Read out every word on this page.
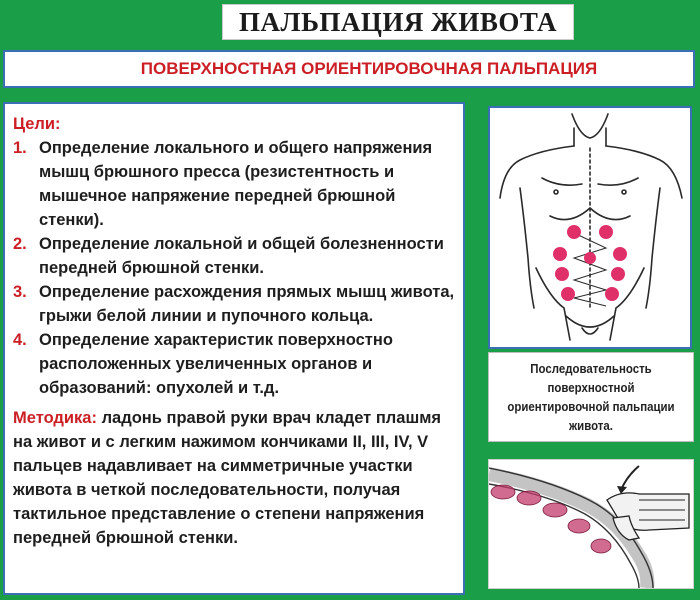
ПАЛЬПАЦИЯ ЖИВОТА
ПОВЕРХНОСТНАЯ ОРИЕНТИРОВОЧНАЯ ПАЛЬПАЦИЯ
Цели:
1. Определение локального и общего напряжения мышц брюшного пресса (резистентность и мышечное напряжение передней брюшной стенки).
2. Определение локальной и общей болезненности передней брюшной стенки.
3. Определение расхождения прямых мышц живота, грыжи белой линии и пупочного кольца.
4. Определение характеристик поверхностно расположенных увеличенных органов и образований: опухолей и т.д.
Методика: ладонь правой руки врач кладет плашмя на живот и с легким нажимом кончиками II, III, IV, V пальцев надавливает на симметричные участки живота в четкой последовательности, получая тактильное представление о степени напряжения передней брюшной стенки.
Последовательность поверхностной ориентировочной пальпации живота.
